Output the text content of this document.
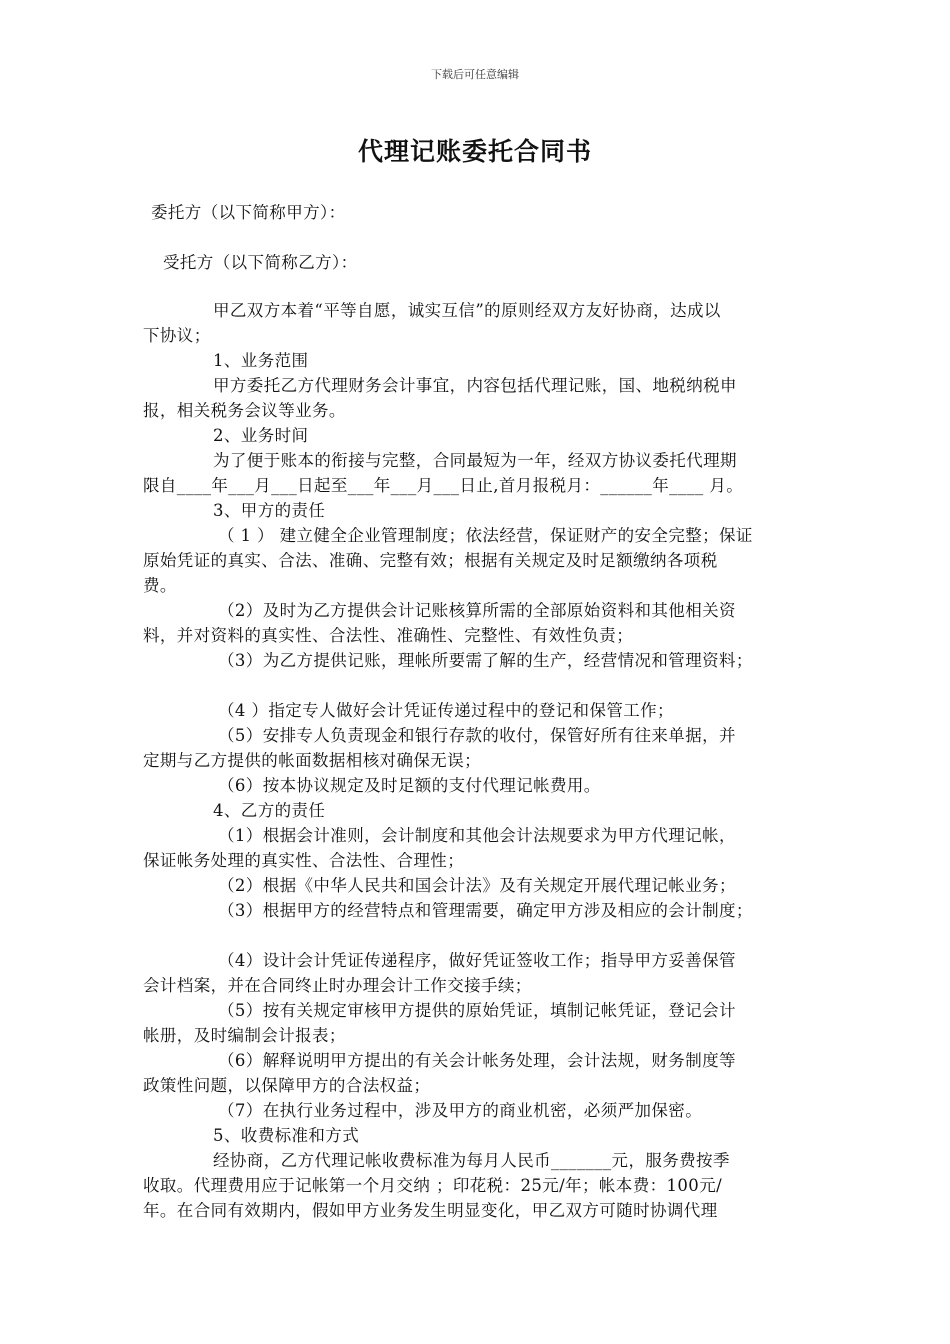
下载后可任意编辑
代理记账委托合同书
委托方（以下简称甲方）：
受托方（以下简称乙方）：
甲乙双方本着“平等自愿，诚实互信”的原则经双方友好协商，达成以
下协议；
1、业务范围
甲方委托乙方代理财务会计事宜，内容包括代理记账，国、地税纳税申
报，相关税务会议等业务。
2、业务时间
为了便于账本的衔接与完整，合同最短为一年，经双方协议委托代理期
限自____年___月___日起至___年___月___日止,首月报税月：______年____ 月。
3、甲方的责任
（ 1 ） 建立健全企业管理制度；依法经营，保证财产的安全完整；保证
原始凭证的真实、合法、准确、完整有效；根据有关规定及时足额缴纳各项税
费。
（2）及时为乙方提供会计记账核算所需的全部原始资料和其他相关资
料，并对资料的真实性、合法性、准确性、完整性、有效性负责；
（3）为乙方提供记账，理帐所要需了解的生产，经营情况和管理资料；
（4 ）指定专人做好会计凭证传递过程中的登记和保管工作；
（5）安排专人负责现金和银行存款的收付，保管好所有往来单据，并
定期与乙方提供的帐面数据相核对确保无误；
（6）按本协议规定及时足额的支付代理记帐费用。
4、乙方的责任
（1）根据会计准则，会计制度和其他会计法规要求为甲方代理记帐，
保证帐务处理的真实性、合法性、合理性；
（2）根据《中华人民共和国会计法》及有关规定开展代理记帐业务；
（3）根据甲方的经营特点和管理需要，确定甲方涉及相应的会计制度；
（4）设计会计凭证传递程序，做好凭证签收工作；指导甲方妥善保管
会计档案，并在合同终止时办理会计工作交接手续；
（5）按有关规定审核甲方提供的原始凭证，填制记帐凭证，登记会计
帐册，及时编制会计报表；
（6）解释说明甲方提出的有关会计帐务处理，会计法规，财务制度等
政策性问题，以保障甲方的合法权益；
（7）在执行业务过程中，涉及甲方的商业机密，必须严加保密。
5、收费标准和方式
经协商，乙方代理记帐收费标准为每月人民币_______元，服务费按季
收取。代理费用应于记帐第一个月交纳 ；印花税：25元/年；帐本费：100元/
年。在合同有效期内，假如甲方业务发生明显变化，甲乙双方可随时协调代理
